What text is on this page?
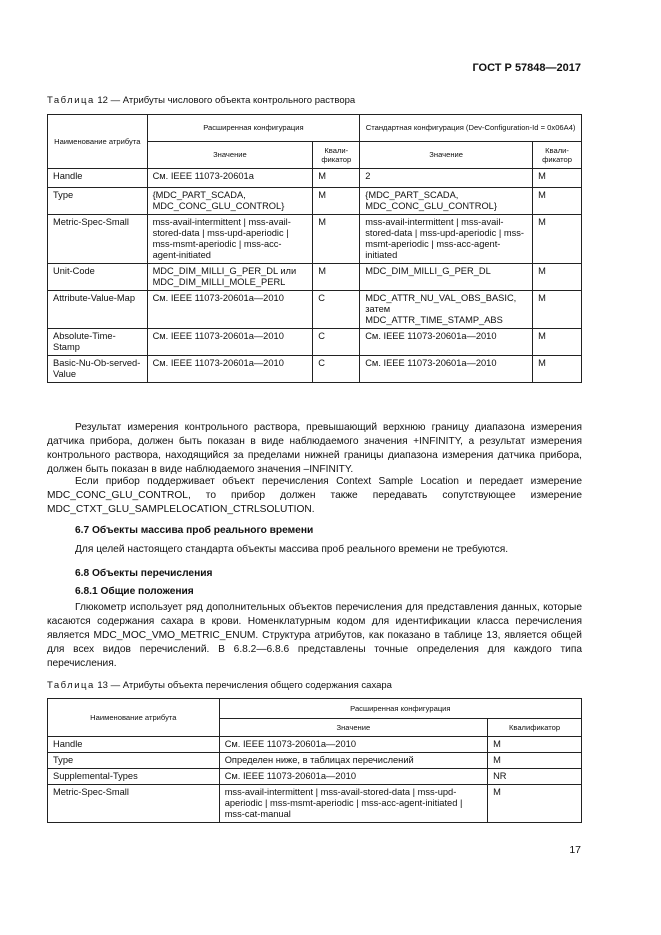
ГОСТ Р 57848—2017
Таблица 12 — Атрибуты числового объекта контрольного раствора
Наименование атрибута	Расширенная конфигурация		Стандартная конфигурация (Dev-Configuration-Id = 0x06A4)	
	Значение	Квали-фикатор	Значение	Квали-фикатор
Handle	См. IEEE 11073-20601a	M	2	M
Type	{MDC_PART_SCADA, MDC_CONC_GLU_CONTROL}	M	{MDC_PART_SCADA, MDC_CONC_GLU_CONTROL}	M
Metric-Spec-Small	mss-avail-intermittent | mss-avail-stored-data | mss-upd-aperiodic | mss-msmt-aperiodic | mss-acc-agent-initiated	M	mss-avail-intermittent | mss-avail-stored-data | mss-upd-aperiodic | mss-msmt-aperiodic | mss-acc-agent-initiated	M
Unit-Code	MDC_DIM_MILLI_G_PER_DL или MDC_DIM_MILLI_MOLE_PERL	M	MDC_DIM_MILLI_G_PER_DL	M
Attribute-Value-Map	См. IEEE 11073-20601a—2010	C	MDC_ATTR_NU_VAL_OBS_BASIC, затем MDC_ATTR_TIME_STAMP_ABS	M
Absolute-Time-Stamp	См. IEEE 11073-20601a—2010	C	См. IEEE 11073-20601a—2010	M
Basic-Nu-Ob-served-Value	См. IEEE 11073-20601a—2010	C	См. IEEE 11073-20601a—2010	M
Результат измерения контрольного раствора, превышающий верхнюю границу диапазона измерения датчика прибора, должен быть показан в виде наблюдаемого значения +INFINITY, а результат измерения контрольного раствора, находящийся за пределами нижней границы диапазона измерения датчика прибора, должен быть показан в виде наблюдаемого значения –INFINITY.
Если прибор поддерживает объект перечисления Context Sample Location и передает измерение MDC_CONC_GLU_CONTROL, то прибор должен также передавать сопутствующее измерение MDC_CTXT_GLU_SAMPLELOCATION_CTRLSOLUTION.
6.7 Объекты массива проб реального времени
Для целей настоящего стандарта объекты массива проб реального времени не требуются.
6.8 Объекты перечисления
6.8.1 Общие положения
Глюкометр использует ряд дополнительных объектов перечисления для представления данных, которые касаются содержания сахара в крови. Номенклатурным кодом для идентификации класса перечисления является MDC_MOC_VMO_METRIC_ENUM. Структура атрибутов, как показано в таблице 13, является общей для всех видов перечислений. В 6.8.2—6.8.6 представлены точные определения для каждого типа перечисления.
Таблица 13 — Атрибуты объекта перечисления общего содержания сахара
Наименование атрибута	Расширенная конфигурация	
	Значение	Квалификатор
Handle	См. IEEE 11073-20601a—2010	M
Type	Определен ниже, в таблицах перечислений	M
Supplemental-Types	См. IEEE 11073-20601a—2010	NR
Metric-Spec-Small	mss-avail-intermittent | mss-avail-stored-data | mss-upd-aperiodic | mss-msmt-aperiodic | mss-acc-agent-initiated | mss-cat-manual	M
17
